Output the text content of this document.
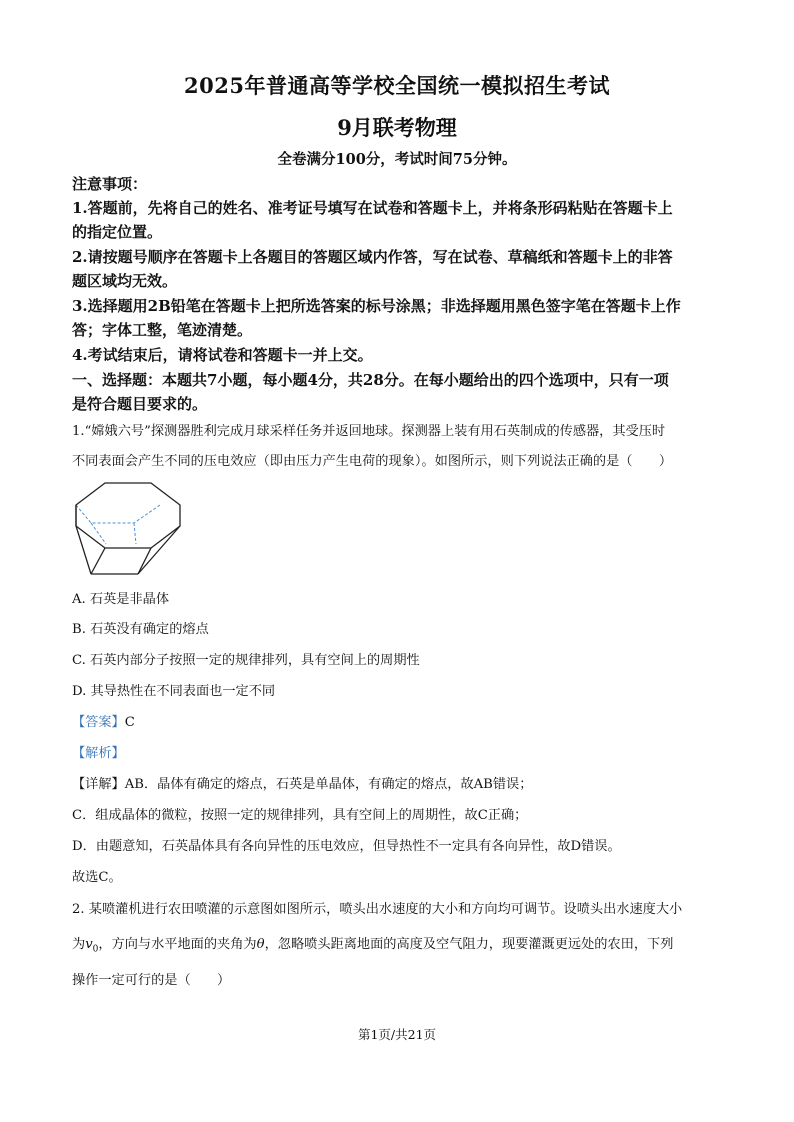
2025年普通高等学校全国统一模拟招生考试
9月联考物理
全卷满分100分，考试时间75分钟。
注意事项：
1.答题前，先将自己的姓名、准考证号填写在试卷和答题卡上，并将条形码粘贴在答题卡上
的指定位置。
2.请按题号顺序在答题卡上各题目的答题区域内作答，写在试卷、草稿纸和答题卡上的非答
题区域均无效。
3.选择题用2B铅笔在答题卡上把所选答案的标号涂黑；非选择题用黑色签字笔在答题卡上作
答；字体工整，笔迹清楚。
4.考试结束后，请将试卷和答题卡一并上交。
一、选择题：本题共7小题，每小题4分，共28分。在每小题给出的四个选项中，只有一项
是符合题目要求的。
1.“嫦娥六号”探测器胜利完成月球采样任务并返回地球。探测器上装有用石英制成的传感器，其受压时
不同表面会产生不同的压电效应（即由压力产生电荷的现象）。如图所示，则下列说法正确的是（　　）
A. 石英是非晶体
B. 石英没有确定的熔点
C. 石英内部分子按照一定的规律排列，具有空间上的周期性
D. 其导热性在不同表面也一定不同
【答案】C
【解析】
【详解】AB．晶体有确定的熔点，石英是单晶体，有确定的熔点，故AB错误；
C．组成晶体的微粒，按照一定的规律排列，具有空间上的周期性，故C正确；
D．由题意知，石英晶体具有各向异性的压电效应，但导热性不一定具有各向异性，故D错误。
故选C。
2. 某喷灌机进行农田喷灌的示意图如图所示，喷头出水速度的大小和方向均可调节。设喷头出水速度大小
为$v_0$，方向与水平地面的夹角为θ，忽略喷头距离地面的高度及空气阻力，现要灌溉更远处的农田，下列
操作一定可行的是（　　）
第1页/共21页
